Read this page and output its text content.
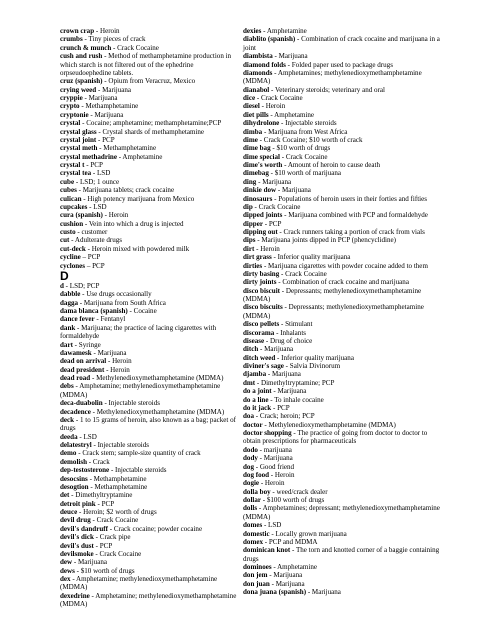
crown crap - Heroin
crumbs - Tiny pieces of crack
crunch & munch - Crack Cocaine
cush and rush - Method of methamphetamine production in which starch is not filtered out of the ephedrine orpseudoephedine tablets.
cruz (spanish) - Opium from Veracruz, Mexico
crying weed - Marijuana
cryppie - Marijuana
crypto - Methamphetamine
cryptonie - Marijuana
crystal - Cocaine; amphetamine; methamphetamine;PCP
crystal glass - Crystal shards of methamphetamine
crystal joint - PCP
crystal meth - Methamphetamine
crystal methadrine - Amphetamine
crystal t - PCP
crystal tea - LSD
cube - LSD; 1 ounce
cubes - Marijuana tablets; crack cocaine
culican - High potency marijuana from Mexico
cupcakes - LSD
cura (spanish) - Heroin
cushion - Vein into which a drug is injected
custo - customer
cut - Adulterate drugs
cut-deck - Heroin mixed with powdered milk
cycline – PCP
cyclones – PCP
D
d - LSD; PCP
dabble - Use drugs occasionally
dagga - Marijuana from South Africa
dama blanca (spanish) - Cocaine
dance fever - Fentanyl
dank - Marijuana; the practice of lacing cigarettes with formaldehyde
dart - Syringe
dawamesk - Marijuana
dead on arrival - Heroin
dead president - Heroin
dead road - Methylenedioxymethamphetamine (MDMA)
debs - Amphetamine; methylenedioxymethamphetamine (MDMA)
deca-duabolin - Injectable steroids
decadence - Methylenedioxymethamphetamine (MDMA)
deck - 1 to 15 grams of heroin, also known as a bag; packet of drugs
deeda - LSD
delatestryl - Injectable steroids
demo - Crack stem; sample-size quantity of crack
demolish - Crack
dep-testosterone - Injectable steroids
desocsins - Methamphetamine
desogtion - Methamphetamine
det - Dimethyltryptamine
detroit pink - PCP
deuce - Heroin; $2 worth of drugs
devil drug - Crack Cocaine
devil's dandruff - Crack cocaine; powder cocaine
devil's dick - Crack pipe
devil's dust - PCP
devilsmoke - Crack Cocaine
dew - Marijuana
dews - $10 worth of drugs
dex - Amphetamine; methylenedioxymethamphetamine (MDMA)
dexedrine - Amphetamine; methylenedioxymethamphetamine (MDMA)
dexies - Amphetamine
diablito (spanish) - Combination of crack cocaine and marijuana in a joint
diambista - Marijuana
diamond folds - Folded paper used to package drugs
diamonds - Amphetamines; methylenedioxymethamphetamine (MDMA)
dianabol - Veterinary steroids; veterinary and oral
dice - Crack Cocaine
diesel - Heroin
diet pills - Amphetamine
dihydrolone - Injectable steroids
dimba - Marijuana from West Africa
dime - Crack Cocaine; $10 worth of crack
dime bag - $10 worth of drugs
dime special - Crack Cocaine
dime's worth - Amount of heroin to cause death
dimebag - $10 worth of marijuana
ding - Marijuana
dinkie dow - Marijuana
dinosaurs - Populations of heroin users in their forties and fifties
dip - Crack Cocaine
dipped joints - Marijuana combined with PCP and formaldehyde
dipper - PCP
dipping out - Crack runners taking a portion of crack from vials
dips - Marijuana joints dipped in PCP (phencyclidine)
dirt - Heroin
dirt grass - Inferior quality marijuana
dirties - Marijuana cigarettes with powder cocaine added to them
dirty basing - Crack Cocaine
dirty joints - Combination of crack cocaine and marijuana
disco biscuit - Depressants; methylenedioxymethamphetamine (MDMA)
disco biscuits - Depressants; methylenedioxymethamphetamine (MDMA)
disco pellets - Stimulant
discorama - Inhalants
disease - Drug of choice
ditch - Marijuana
ditch weed - Inferior quality marijuana
diviner's sage - Salvia Divinorum
djamba - Marijuana
dmt - Dimethyltryptamine; PCP
do a joint - Marijuana
do a line - To inhale cocaine
do it jack - PCP
doa - Crack; heroin; PCP
doctor - Methylenedioxymethamphetamine (MDMA)
doctor shopping - The practice of going from doctor to doctor to obtain prescriptions for pharmaceuticals
dodo - marijuana
dody - Marijuana
dog - Good friend
dog food - Heroin
dogie - Heroin
dolla boy - weed/crack dealer
dollar - $100 worth of drugs
dolls - Amphetamines; depressant; methylenedioxymethamphetamine (MDMA)
domes - LSD
domestic - Locally grown marijuana
domex - PCP and MDMA
dominican knot - The torn and knotted corner of a baggie containing drugs
dominoes - Amphetamine
don jem - Marijuana
don juan - Marijuana
dona juana (spanish) - Marijuana
